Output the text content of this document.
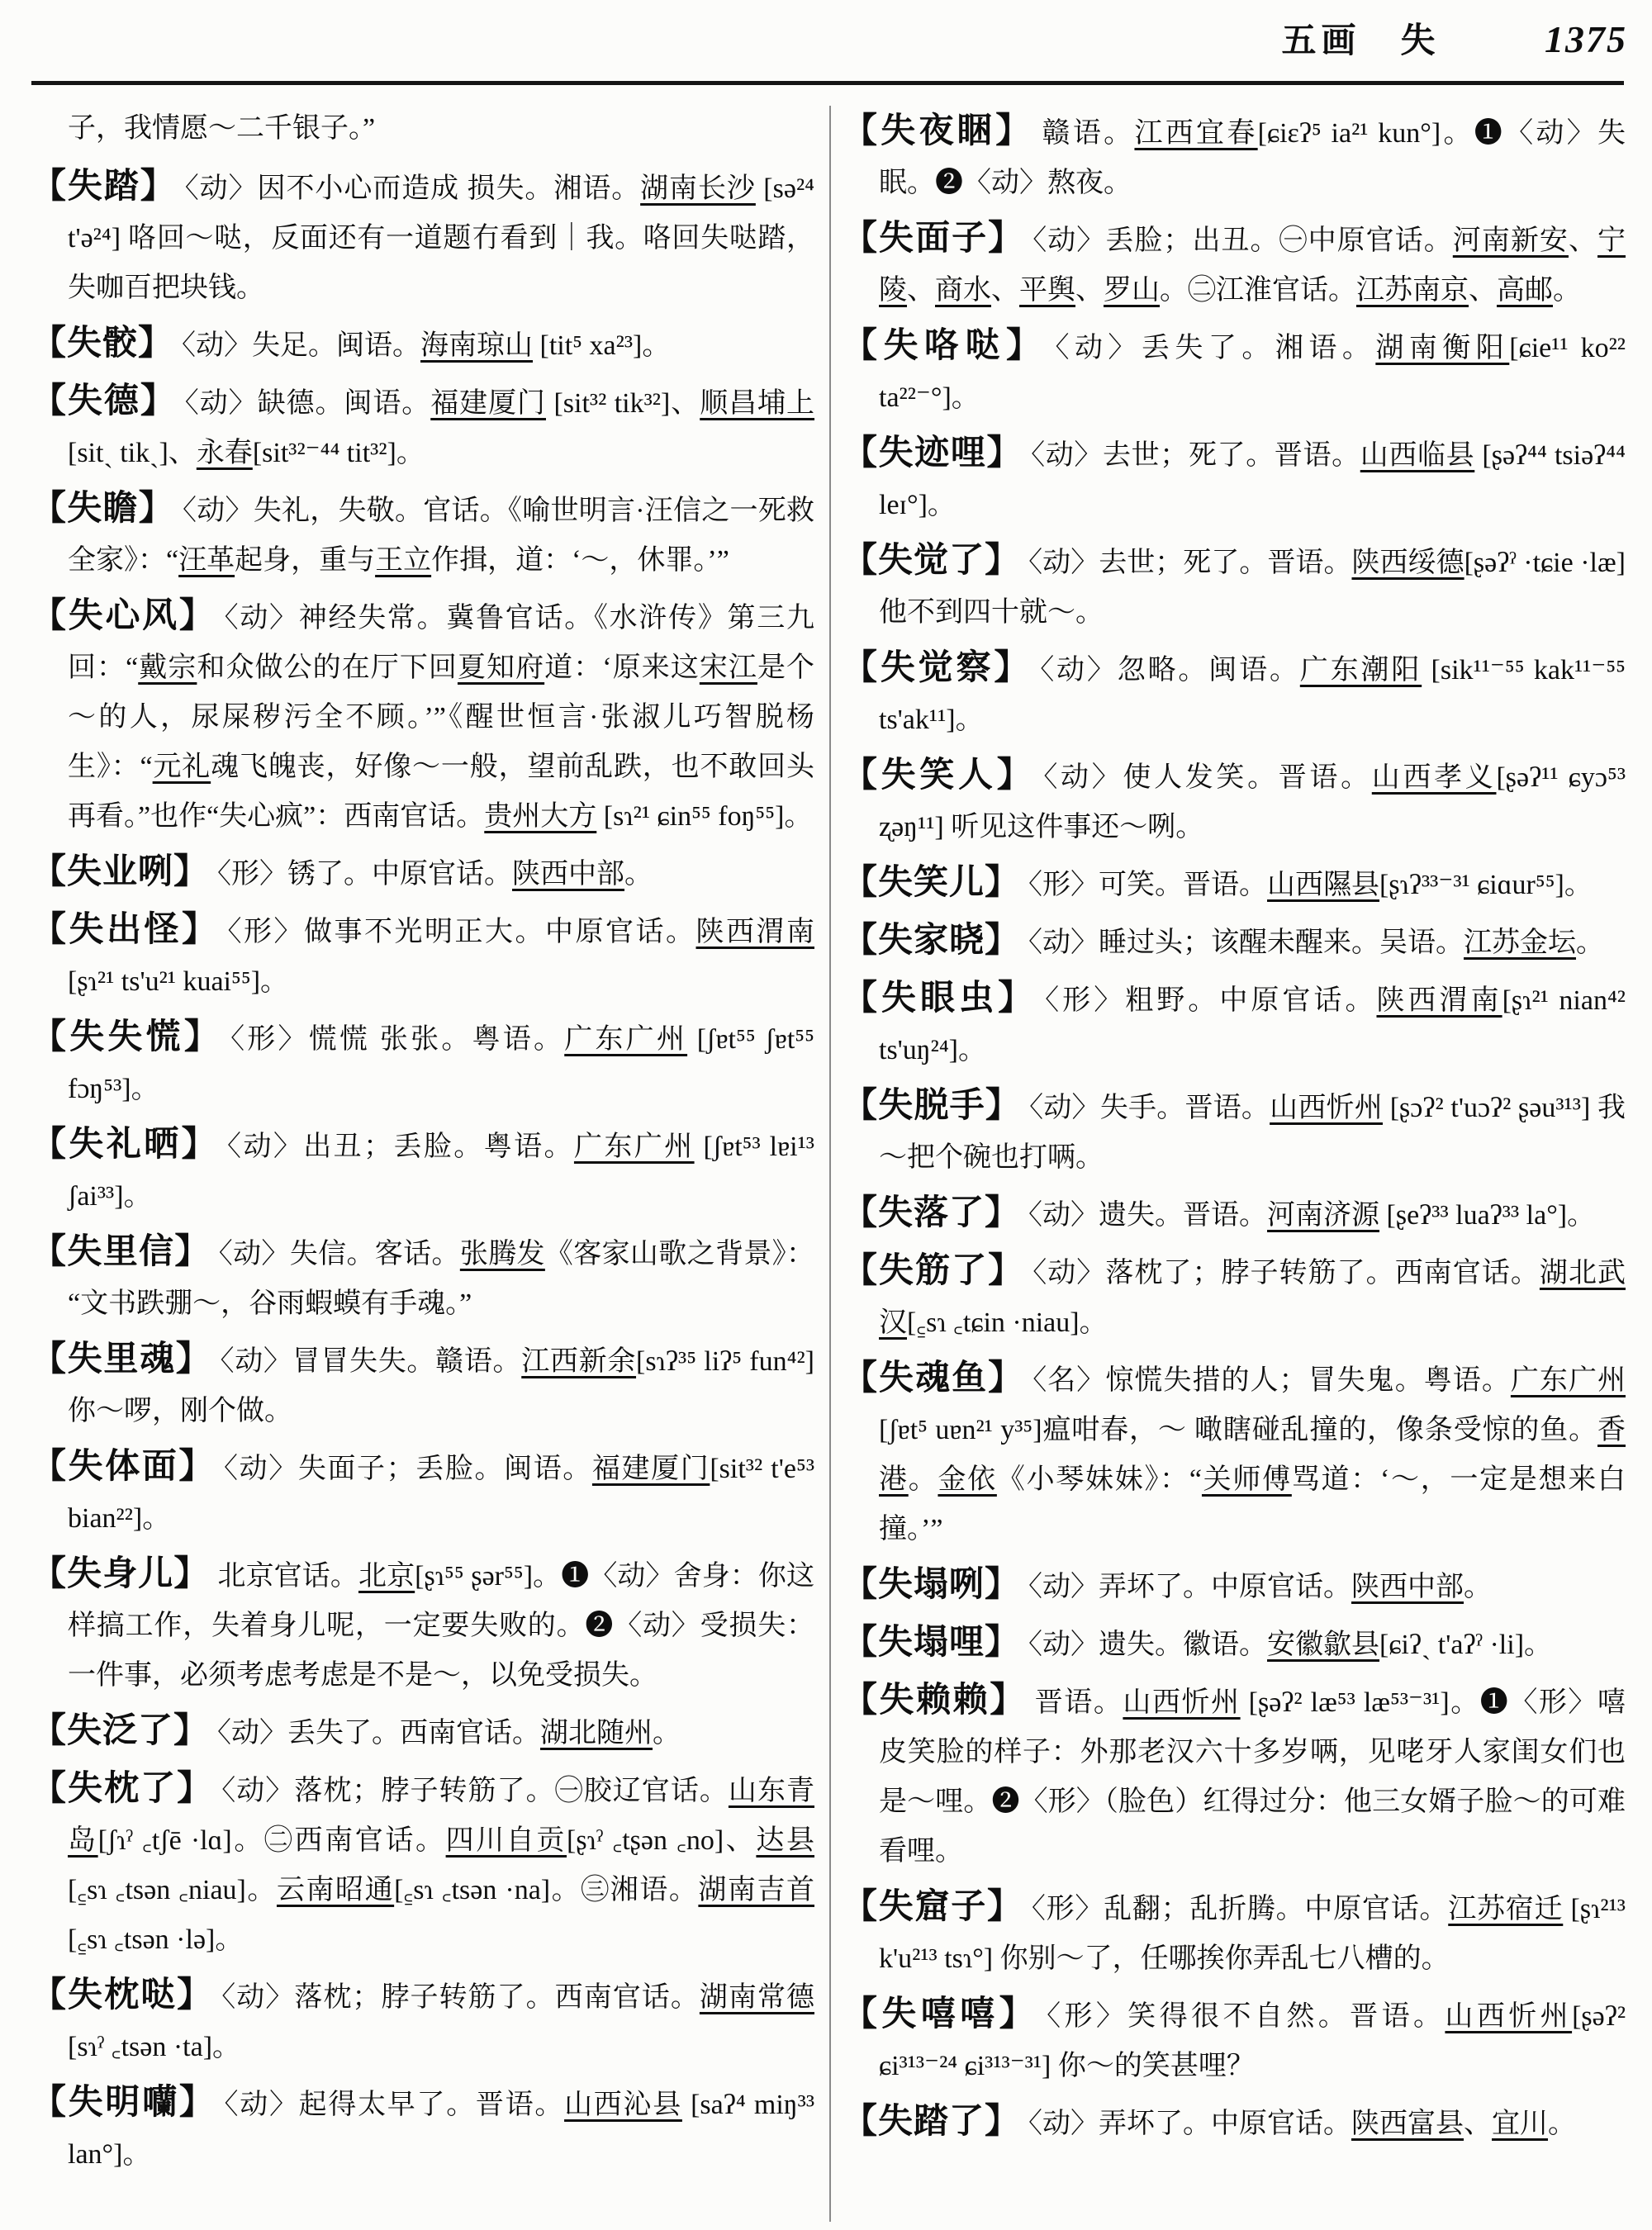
五画　失	1375

子，我情愿～二千银子。”

【失踏】 〈动〉因不小心而造成 损失。湘语。湖南长沙 [sə²⁴ t'ə²⁴] 咯回～哒，反面还有一道题冇看到｜我。咯回失哒踏，失咖百把块钱。
【失骹】 〈动〉失足。闽语。海南琼山 [tit⁵ xa²³]。
【失德】 〈动〉缺德。闽语。福建厦门 [sit³² tik³²]、顺昌埔上 [sitˏ tikˏ]、永春[sit³²⁻⁴⁴ tit³²]。
【失瞻】 〈动〉失礼，失敬。官话。《喻世明言·汪信之一死救全家》：“汪革起身，重与王立作揖，道：‘～，休罪。’”
【失心风】 〈动〉神经失常。冀鲁官话。《水浒传》第三九回：“戴宗和众做公的在厅下回夏知府道：‘原来这宋江是个～的人，尿屎秽污全不顾。’”《醒世恒言·张淑儿巧智脱杨生》：“元礼魂飞魄丧，好像～一般，望前乱跌，也不敢回头再看。”也作“失心疯”：西南官话。贵州大方 [sɿ²¹ ɕin⁵⁵ foŋ⁵⁵]。
【失业咧】 〈形〉锈了。中原官话。陕西中部。
【失出怪】 〈形〉做事不光明正大。中原官话。陕西渭南 [ʂɿ²¹ ts'u²¹ kuai⁵⁵]。
【失失慌】 〈形〉慌慌 张张。粤语。广东广州 [ʃɐt⁵⁵ ʃɐt⁵⁵ fɔŋ⁵³]。
【失礼晒】 〈动〉出丑；丢脸。粤语。广东广州 [ʃɐt⁵³ lɐi¹³ ʃai³³]。
【失里信】 〈动〉失信。客话。张腾发《客家山歌之背景》：“文书跌弸～，谷雨蝦蟆有手魂。”
【失里魂】 〈动〉冒冒失失。赣语。江西新余[sɿʔ³⁵ liʔ⁵ fun⁴²] 你～啰，刚个做。
【失体面】 〈动〉失面子；丢脸。闽语。福建厦门[sit³² t'e⁵³ bian²²]。
【失身儿】 北京官话。北京[ʂɿ⁵⁵ ʂər⁵⁵]。❶〈动〉舍身：你这样搞工作，失着身儿呢，一定要失败的。❷〈动〉受损失：一件事，必须考虑考虑是不是～，以免受损失。
【失泛了】 〈动〉丢失了。西南官话。湖北随州。
【失枕了】 〈动〉落枕；脖子转筋了。㊀胶辽官话。山东青岛[ʃɿˀ ꜀tʃē ·lɑ]。㊁西南官话。四川自贡[ʂɿˀ ꜀tʂən ꜀no]、达县 [꜁sɿ ꜀tsən ꜀niau]。云南昭通[꜁sɿ ꜀tsən ·na]。㊂湘语。湖南吉首[꜁sɿ ꜀tsən ·lə]。
【失枕哒】 〈动〉落枕；脖子转筋了。西南官话。湖南常德[sɿˀ ꜀tsən ·ta]。
【失明囒】 〈动〉起得太早了。晋语。山西沁县 [saʔ⁴ miŋ³³ lan°]。
【失夜睏】 赣语。江西宜春[ɕiɛʔ⁵ ia²¹ kun°]。❶〈动〉失眠。❷〈动〉熬夜。
【失面子】 〈动〉丢脸；出丑。㊀中原官话。河南新安、宁陵、商水、平舆、罗山。㊁江淮官话。江苏南京、高邮。
【失咯哒】 〈动〉丢失了。湘语。湖南衡阳[ɕie¹¹ ko²² ta²²⁻°]。
【失迹哩】 〈动〉去世；死了。晋语。山西临县 [ʂəʔ⁴⁴ tsiəʔ⁴⁴ leɪ°]。
【失觉了】 〈动〉去世；死了。晋语。陕西绥德[ʂəʔˀ ·tɕie ·læ]他不到四十就～。
【失觉察】 〈动〉忽略。闽语。广东潮阳 [sik¹¹⁻⁵⁵ kak¹¹⁻⁵⁵ ts'ak¹¹]。
【失笑人】 〈动〉使人发笑。晋语。山西孝义[ʂəʔ¹¹ ɕyɔ⁵³ ʐəŋ¹¹] 听见这件事还～咧。
【失笑儿】 〈形〉可笑。晋语。山西隰县[ʂɿʔ³³⁻³¹ ɕiɑur⁵⁵]。
【失家晓】 〈动〉睡过头；该醒未醒来。吴语。江苏金坛。
【失眼虫】 〈形〉粗野。中原官话。陕西渭南[ʂɿ²¹ nian⁴² ts'uŋ²⁴]。
【失脱手】 〈动〉失手。晋语。山西忻州 [ʂɔʔ² t'uɔʔ² ʂəu³¹³] 我～把个碗也打唡。
【失落了】 〈动〉遗失。晋语。河南济源 [ʂeʔ³³ luaʔ³³ la°]。
【失筋了】 〈动〉落枕了；脖子转筋了。西南官话。湖北武汉[꜁sɿ ꜀tɕin ·niau]。
【失魂鱼】 〈名〉惊慌失措的人；冒失鬼。粤语。广东广州[ʃɐt⁵ uɐn²¹ y³⁵]瘟咁春，～ 噉瞎碰乱撞的，像条受惊的鱼。香港。金依《小琴妹妹》：“关师傅骂道：‘～，一定是想来白撞。’”
【失塌咧】 〈动〉弄坏了。中原官话。陕西中部。
【失塌哩】 〈动〉遗失。徽语。安徽歙县[ɕiʔˏ t'aʔˀ ·li]。
【失赖赖】 晋语。山西忻州 [ʂəʔ² læ⁵³ læ⁵³⁻³¹]。❶〈形〉嘻皮笑脸的样子：外那老汉六十多岁唡，见咾牙人家闺女们也是～哩。❷〈形〉（脸色）红得过分：他三女婿子脸～的可难看哩。
【失窟子】 〈形〉乱翻；乱折腾。中原官话。江苏宿迁 [ʂɿ²¹³ k'u²¹³ tsɿ°] 你别～了，任哪挨你弄乱七八槽的。
【失嘻嘻】 〈形〉笑得很不自然。晋语。山西忻州[ʂəʔ² ɕi³¹³⁻²⁴ ɕi³¹³⁻³¹] 你～的笑甚哩？
【失踏了】 〈动〉弄坏了。中原官话。陕西富县、宜川。
